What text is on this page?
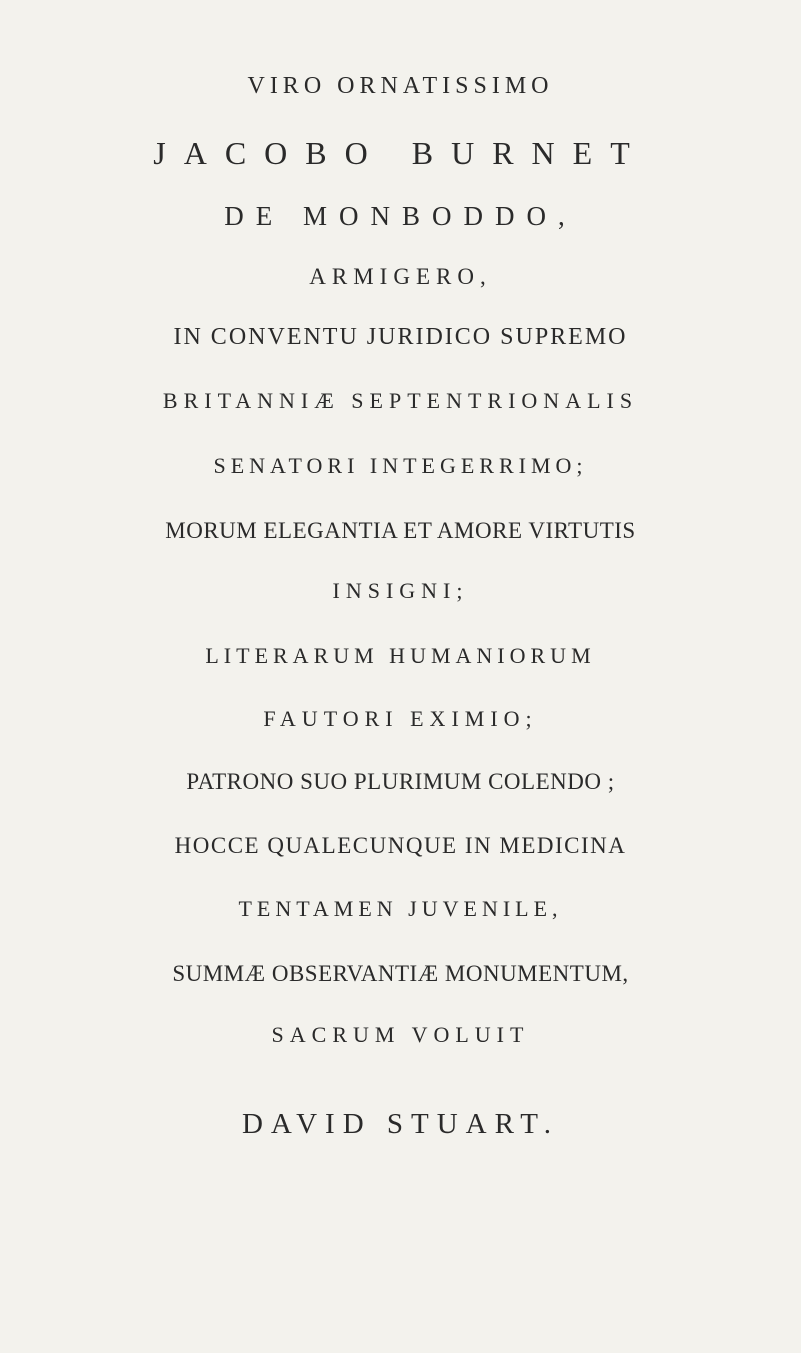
VIRO ORNATISSIMO
JACOBO BURNET
DE MONBODDO,
ARMIGERO,
IN CONVENTU JURIDICO SUPREMO
BRITANNIÆ SEPTENTRIONALIS
SENATORI INTEGERRIMO;
MORUM ELEGANTIA ET AMORE VIRTUTIS
INSIGNI;
LITERARUM HUMANIORUM
FAUTORI EXIMIO;
PATRONO SUO PLURIMUM COLENDO ;
HOCCE QUALECUNQUE IN MEDICINA
TENTAMEN JUVENILE,
SUMMÆ OBSERVANTIÆ MONUMENTUM,
SACRUM VOLUIT
DAVID STUART.
